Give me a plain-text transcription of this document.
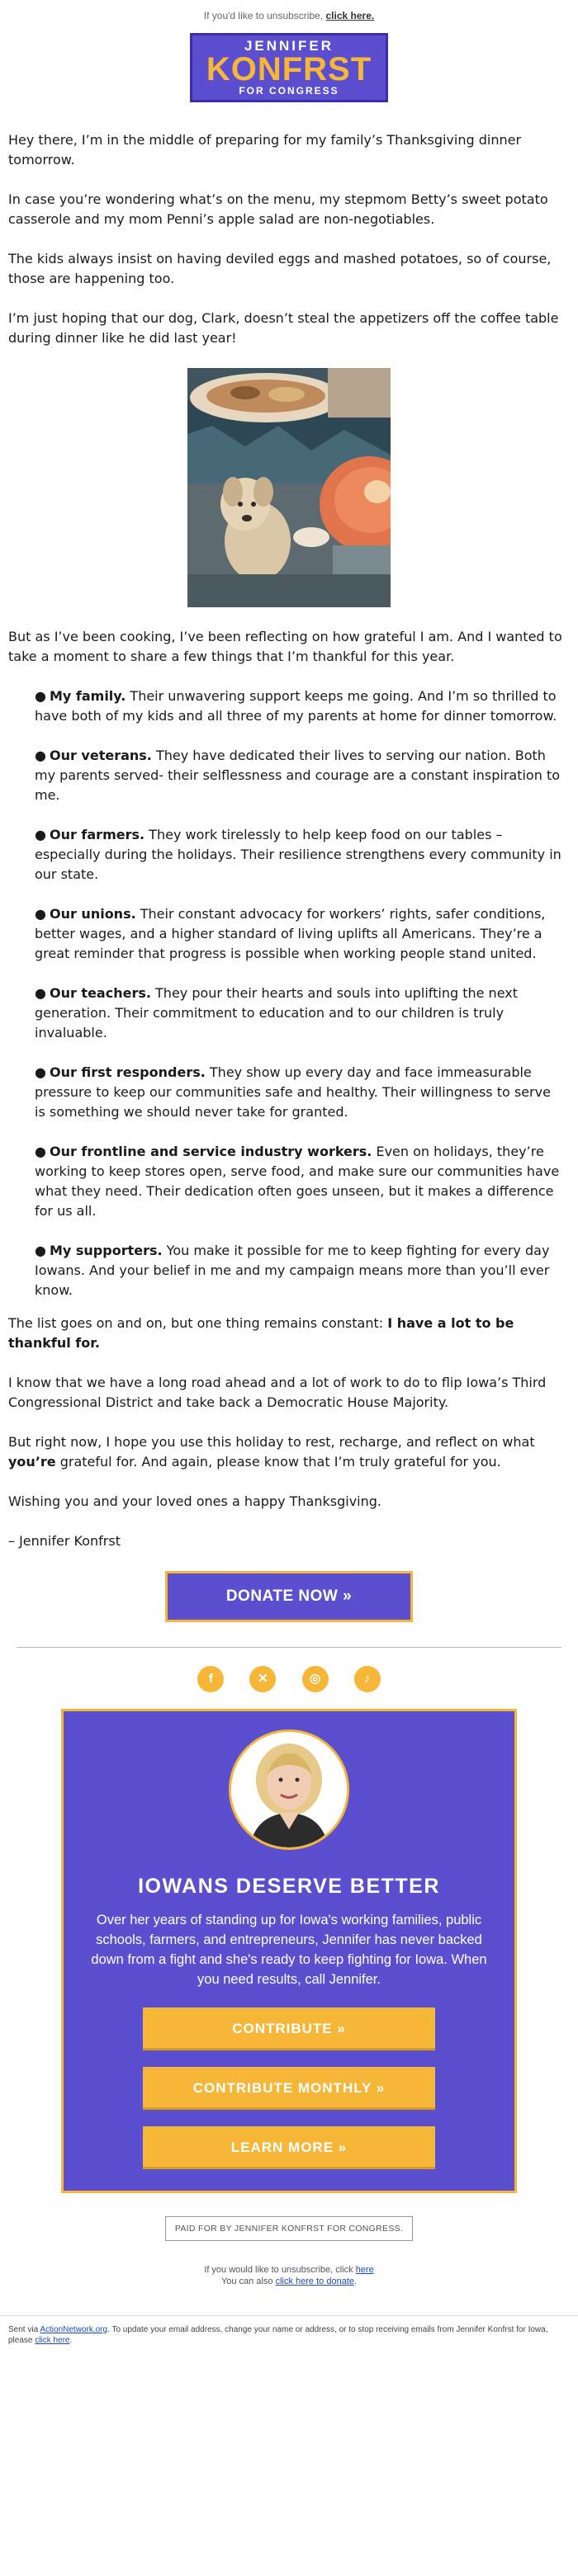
If you'd like to unsubscribe, click here.
JENNIFER
KONFRST
FOR CONGRESS

Hey there, I’m in the middle of preparing for my family’s Thanksgiving dinner tomorrow.

In case you’re wondering what’s on the menu, my stepmom Betty’s sweet potato casserole and my mom Penni’s apple salad are non-negotiables.

The kids always insist on having deviled eggs and mashed potatoes, so of course, those are happening too.

I’m just hoping that our dog, Clark, doesn’t steal the appetizers off the coffee table during dinner like he did last year!

But as I’ve been cooking, I’ve been reflecting on how grateful I am. And I wanted to take a moment to share a few things that I’m thankful for this year.

● My family. Their unwavering support keeps me going. And I’m so thrilled to have both of my kids and all three of my parents at home for dinner tomorrow.

● Our veterans. They have dedicated their lives to serving our nation. Both my parents served- their selflessness and courage are a constant inspiration to me.

● Our farmers. They work tirelessly to help keep food on our tables – especially during the holidays. Their resilience strengthens every community in our state.

● Our unions. Their constant advocacy for workers’ rights, safer conditions, better wages, and a higher standard of living uplifts all Americans. They’re a great reminder that progress is possible when working people stand united.

● Our teachers. They pour their hearts and souls into uplifting the next generation. Their commitment to education and to our children is truly invaluable.

● Our first responders. They show up every day and face immeasurable pressure to keep our communities safe and healthy. Their willingness to serve is something we should never take for granted.

● Our frontline and service industry workers. Even on holidays, they’re working to keep stores open, serve food, and make sure our communities have what they need. Their dedication often goes unseen, but it makes a difference for us all.

● My supporters. You make it possible for me to keep fighting for every day Iowans. And your belief in me and my campaign means more than you’ll ever know.

The list goes on and on, but one thing remains constant: I have a lot to be thankful for.

I know that we have a long road ahead and a lot of work to do to flip Iowa’s Third Congressional District and take back a Democratic House Majority.

But right now, I hope you use this holiday to rest, recharge, and reflect on what you’re grateful for. And again, please know that I’m truly grateful for you.

Wishing you and your loved ones a happy Thanksgiving.

– Jennifer Konfrst

DONATE NOW »
f	✕	◎	♪
IOWANS DESERVE BETTER
Over her years of standing up for Iowa's working families, public schools, farmers, and entrepreneurs, Jennifer has never backed down from a fight and she's ready to keep fighting for Iowa. When you need results, call Jennifer.
CONTRIBUTE »
CONTRIBUTE MONTHLY »
LEARN MORE »
PAID FOR BY JENNIFER KONFRST FOR CONGRESS.
If you would like to unsubscribe, click here
You can also click here to donate.
Sent via ActionNetwork.org. To update your email address, change your name or address, or to stop receiving emails from Jennifer Konfrst for Iowa, please click here.
